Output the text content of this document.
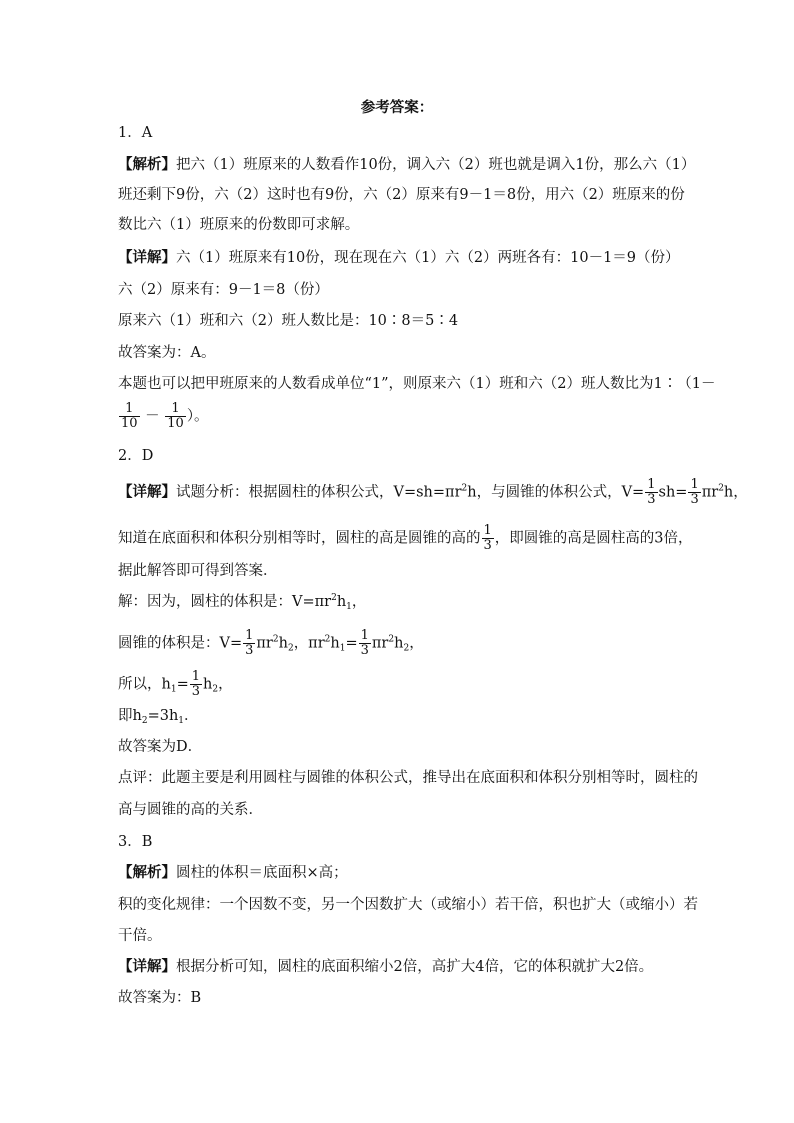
参考答案：
1．A
【解析】把六（1）班原来的人数看作10份，调入六（2）班也就是调入1份，那么六（1）
班还剩下9份，六（2）这时也有9份，六（2）原来有9－1＝8份，用六（2）班原来的份
数比六（1）班原来的份数即可求解。
【详解】六（1）班原来有10份，现在现在六（1）六（2）两班各有：10－1＝9（份）
六（2）原来有：9－1＝8（份）
原来六（1）班和六（2）班人数比是：10∶8＝5∶4
故答案为：A。
本题也可以把甲班原来的人数看成单位“1”，则原来六（1）班和六（2）班人数比为1∶（1－
$\frac{1}{10} - \frac{1}{10}$ ）。
2．D
【详解】试题分析：根据圆柱的体积公式，$V=sh=\pi r^2h$，与圆锥的体积公式，$V= \frac{1}{3} sh= \frac{1}{3} \pi r^2h$，
知道在底面积和体积分别相等时，圆柱的高是圆锥的高的 $\frac{1}{3}$ ，即圆锥的高是圆柱高的3倍，
据此解答即可得到答案．
解：因为，圆柱的体积是：$V=\pi r^2h_1$，
圆锥的体积是：$V= \frac{1}{3} \pi r^2h_2$，$\pi r^2h_1= \frac{1}{3} \pi r^2h_2$，
所以，$h_1= \frac{1}{3} h_2$，
即$h_2=3h_1$．
故答案为D．
点评：此题主要是利用圆柱与圆锥的体积公式，推导出在底面积和体积分别相等时，圆柱的
高与圆锥的高的关系．
3．B
【解析】圆柱的体积＝底面积×高；
积的变化规律：一个因数不变，另一个因数扩大（或缩小）若干倍，积也扩大（或缩小）若
干倍。
【详解】根据分析可知，圆柱的底面积缩小2倍，高扩大4倍，它的体积就扩大2倍。
故答案为：B
